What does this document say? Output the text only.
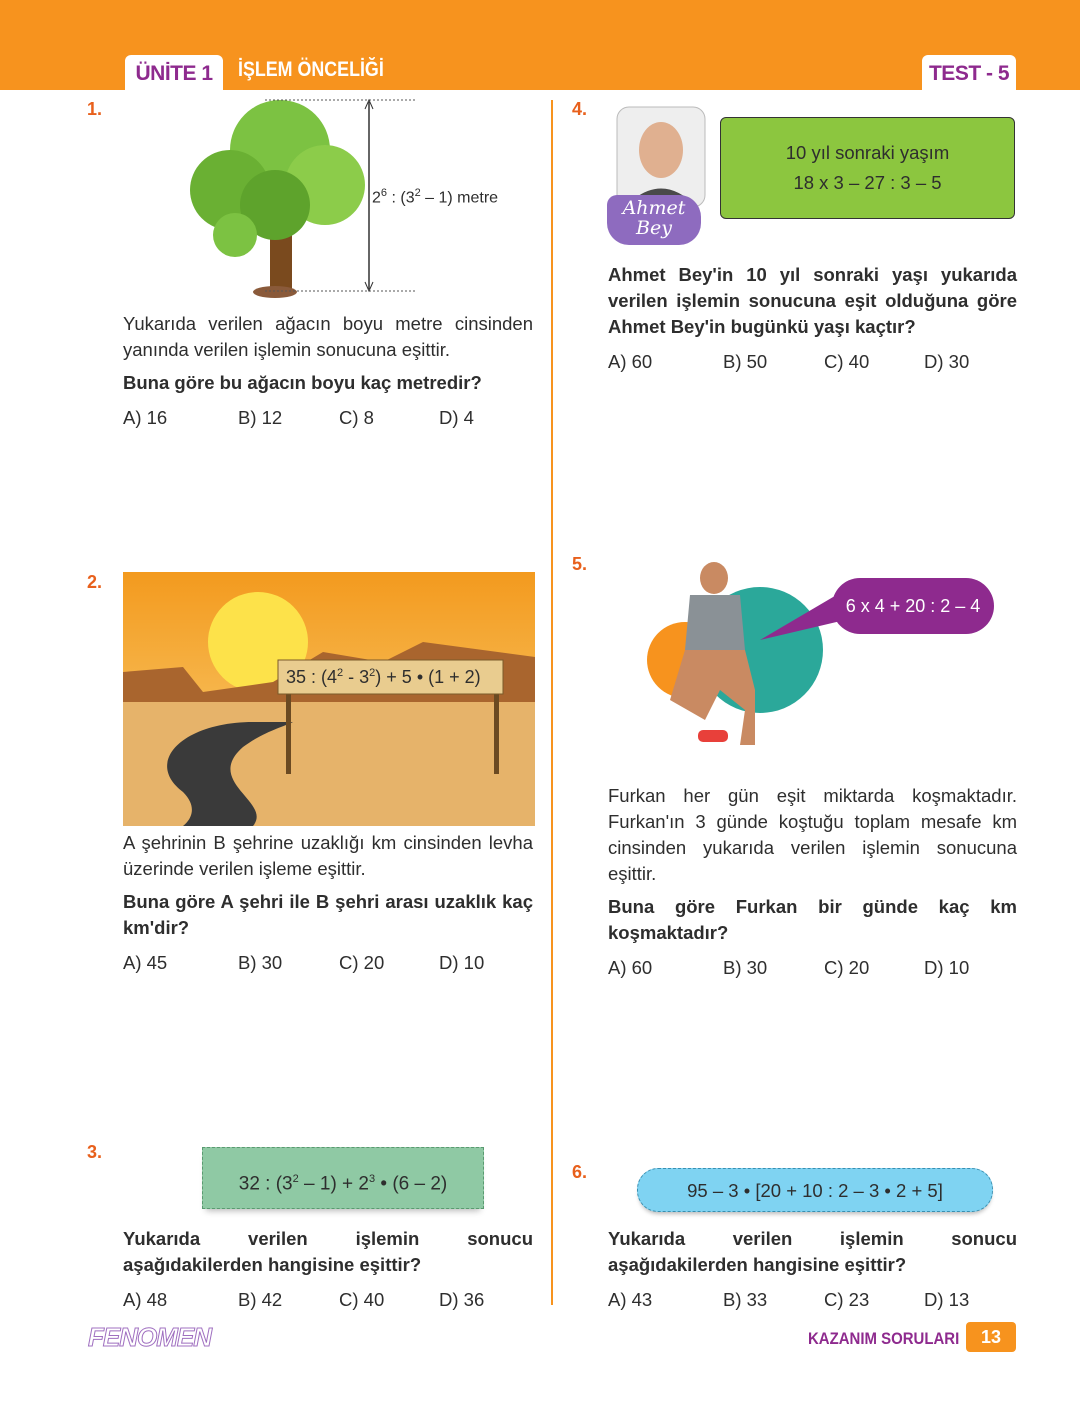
ÜNİTE 1	İŞLEM ÖNCELİĞİ	TEST - 5
1.
$2^6$ : $(3^2 - 1)$ metre
Yukarıda verilen ağacın boyu metre cinsinden yanında verilen işlemin sonucuna eşittir.
Buna göre bu ağacın boyu kaç metredir?
A) 16	B) 12	C) 8	D) 4
2.
35 : $(4^2 - 3^2) + 5$ • (1 + 2)
A şehrinin B şehrine uzaklığı km cinsinden levha üzerinde verilen işleme eşittir.
Buna göre A şehri ile B şehri arası uzaklık kaç km'dir?
A) 45	B) 30	C) 20	D) 10
3.
32 : $(3^2 - 1) + 2^3$ • (6 – 2)
Yukarıda verilen işlemin sonucu aşağıdakilerden hangisine eşittir?
A) 48	B) 42	C) 40	D) 36
4.
Ahmet Bey
10 yıl sonraki yaşım
18 x 3 – 27 : 3 – 5
Ahmet Bey'in 10 yıl sonraki yaşı yukarıda verilen işlemin sonucuna eşit olduğuna göre Ahmet Bey'in bugünkü yaşı kaçtır?
A) 60	B) 50	C) 40	D) 30
5.
6 x 4 + 20 : 2 – 4
Furkan her gün eşit miktarda koşmaktadır. Furkan'ın 3 günde koştuğu toplam mesafe km cinsinden yukarıda verilen işlemin sonucuna eşittir.
Buna göre Furkan bir günde kaç km koşmaktadır?
A) 60	B) 30	C) 20	D) 10
6.
95 – 3 • [20 + 10 : 2 – 3 • 2 + 5]
Yukarıda verilen işlemin sonucu aşağıdakilerden hangisine eşittir?
A) 43	B) 33	C) 23	D) 13
FENOMEN	KAZANIM SORULARI	13
